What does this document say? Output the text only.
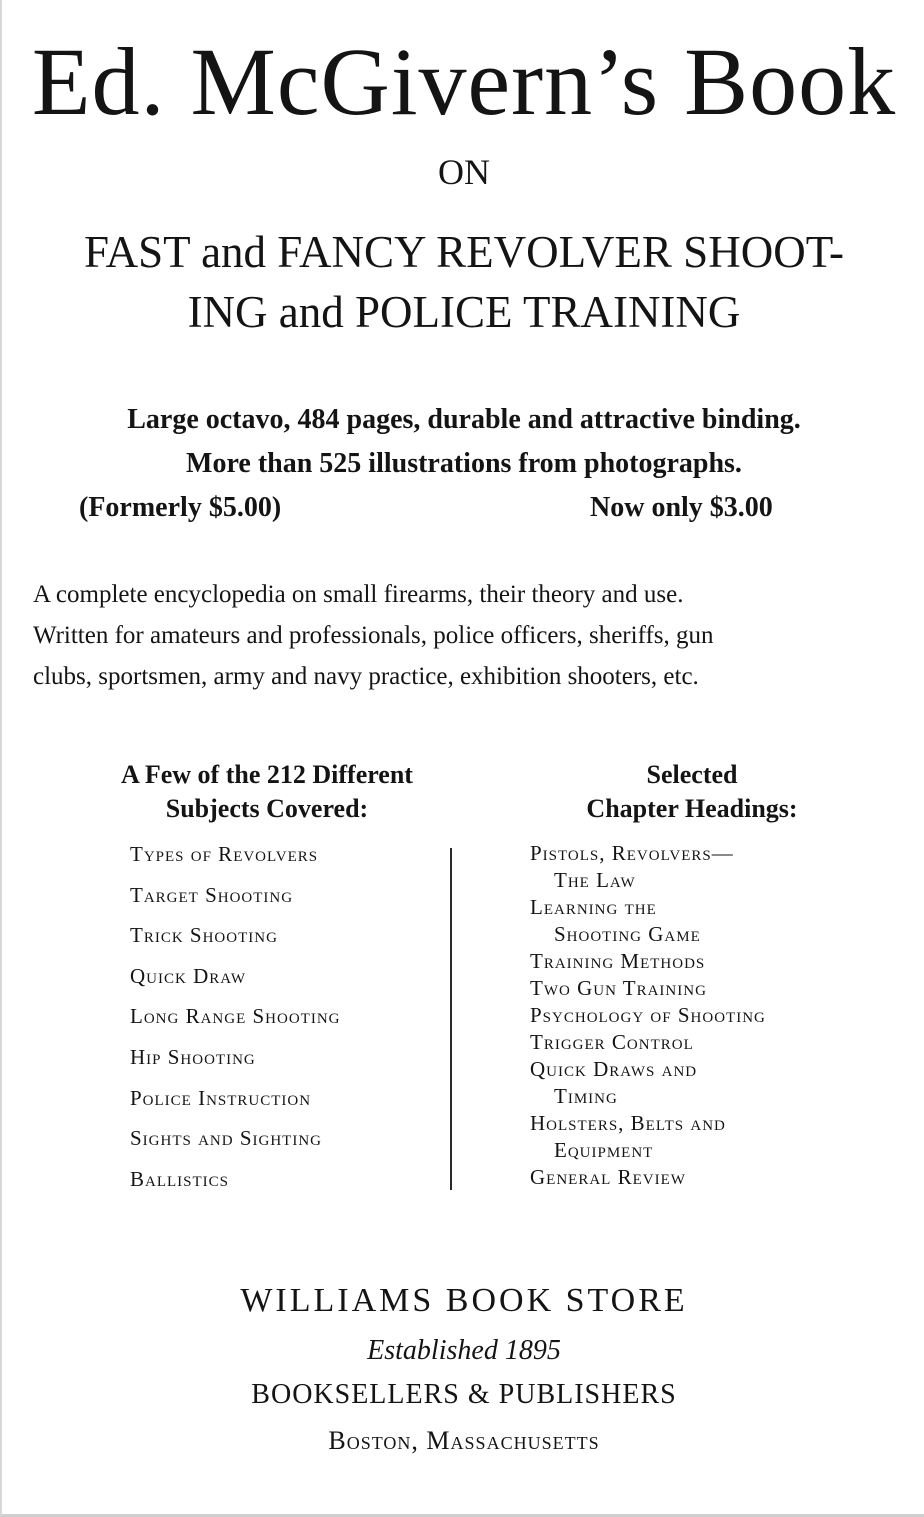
Ed. McGivern’s Book
ON
FAST and FANCY REVOLVER SHOOT-
ING and POLICE TRAINING
Large octavo, 484 pages, durable and attractive binding.
More than 525 illustrations from photographs.
(Formerly $5.00)	Now only $3.00

A complete encyclopedia on small firearms, their theory and use.

Written for amateurs and professionals, police officers, sheriffs, gun

clubs, sportsmen, army and navy practice, exhibition shooters, etc.

A Few of the 212 Different
Subjects Covered:
Selected
Chapter Headings:
Types of Revolvers
Target Shooting
Trick Shooting
Quick Draw
Long Range Shooting
Hip Shooting
Police Instruction
Sights and Sighting
Ballistics
Pistols, Revolvers—
The Law
Learning the
Shooting Game
Training Methods
Two Gun Training
Psychology of Shooting
Trigger Control
Quick Draws and
Timing
Holsters, Belts and
Equipment
General Review
WILLIAMS BOOK STORE
Established 1895
BOOKSELLERS & PUBLISHERS
Boston, Massachusetts
